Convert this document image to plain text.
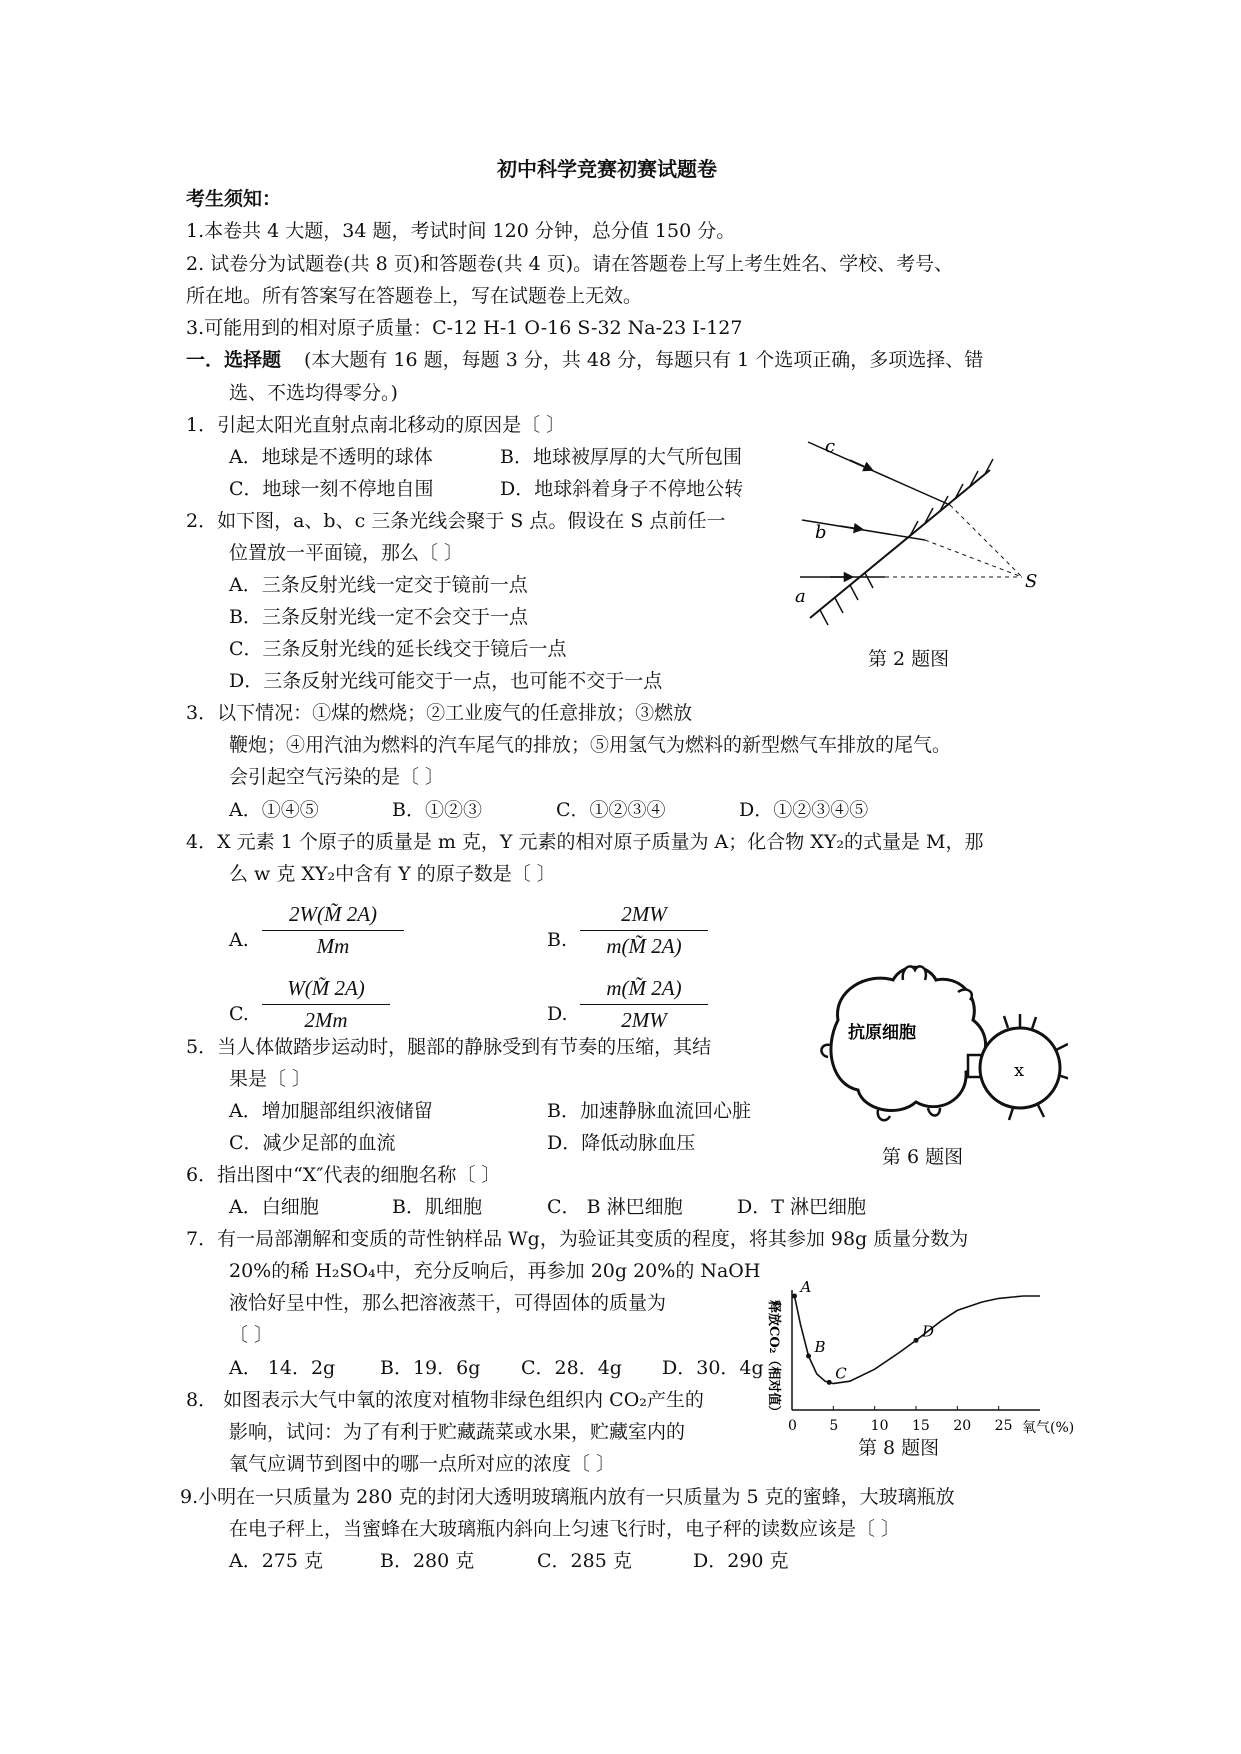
初中科学竞赛初赛试题卷
考生须知：
1.本卷共 4 大题，34 题，考试时间 120 分钟，总分值 150 分。
2. 试卷分为试题卷(共 8 页)和答题卷(共 4 页)。请在答题卷上写上考生姓名、学校、考号、
所在地。所有答案写在答题卷上，写在试题卷上无效。
3.可能用到的相对原子质量：C-12 H-1 O-16 S-32 Na-23 I-127
一．选择题 (本大题有 16 题，每题 3 分，共 48 分，每题只有 1 个选项正确，多项选择、错
选、不选均得零分。)
1．引起太阳光直射点南北移动的原因是〔 〕
A．地球是不透明的球体	B．地球被厚厚的大气所包围
C．地球一刻不停地自围	D．地球斜着身子不停地公转
2．如下图，a、b、c 三条光线会聚于 S 点。假设在 S 点前任一
位置放一平面镜，那么〔 〕
A．三条反射光线一定交于镜前一点
B．三条反射光线一定不会交于一点
C．三条反射光线的延长线交于镜后一点
D．三条反射光线可能交于一点，也可能不交于一点
a
b
c
S
第 2 题图
3．以下情况：①煤的燃烧；②工业废气的任意排放；③燃放
鞭炮；④用汽油为燃料的汽车尾气的排放；⑤用氢气为燃料的新型燃气车排放的尾气。
会引起空气污染的是〔 〕
A．①④⑤	B．①②③	C．①②③④	D．①②③④⑤
4．X 元素 1 个原子的质量是 m 克，Y 元素的相对原子质量为 A；化合物 XY₂的式量是 M，那
么 w 克 XY₂中含有 Y 的原子数是〔 〕
A.
2W(M̃ 2A)
Mm	B.
2MW
m(M̃ 2A)
C.
W(M̃ 2A)
2Mm	D.
m(M̃ 2A)
2MW
抗原细胞
x
第 6 题图
5．当人体做踏步运动时，腿部的静脉受到有节奏的压缩，其结
果是〔 〕
A．增加腿部组织液储留	B．加速静脉血流回心脏
C．减少足部的血流	D．降低动脉血压
6．指出图中“X″代表的细胞名称〔 〕
A．白细胞	B．肌细胞	C． B 淋巴细胞	D．T 淋巴细胞
7．有一局部潮解和变质的苛性钠样品 Wg，为验证其变质的程度，将其参加 98g 质量分数为
20%的稀 H₂SO₄中，充分反响后，再参加 20g 20%的 NaOH
液恰好呈中性，那么把溶液蒸干，可得固体的质量为
〔 〕
A． 14．2g B．19．6g C．28．4g D．30．4g 释放CO₂（相对值）
0 5 10 15 20 25
A
B
C
D
氧气(%)
第 8 题图
8． 如图表示大气中氧的浓度对植物非绿色组织内 CO₂产生的
影响，试问：为了有利于贮藏蔬菜或水果，贮藏室内的
氧气应调节到图中的哪一点所对应的浓度〔 〕
9.小明在一只质量为 280 克的封闭大透明玻璃瓶内放有一只质量为 5 克的蜜蜂，大玻璃瓶放
在电子秤上，当蜜蜂在大玻璃瓶内斜向上匀速飞行时，电子秤的读数应该是〔 〕
A．275 克	B．280 克	C．285 克	D．290 克
